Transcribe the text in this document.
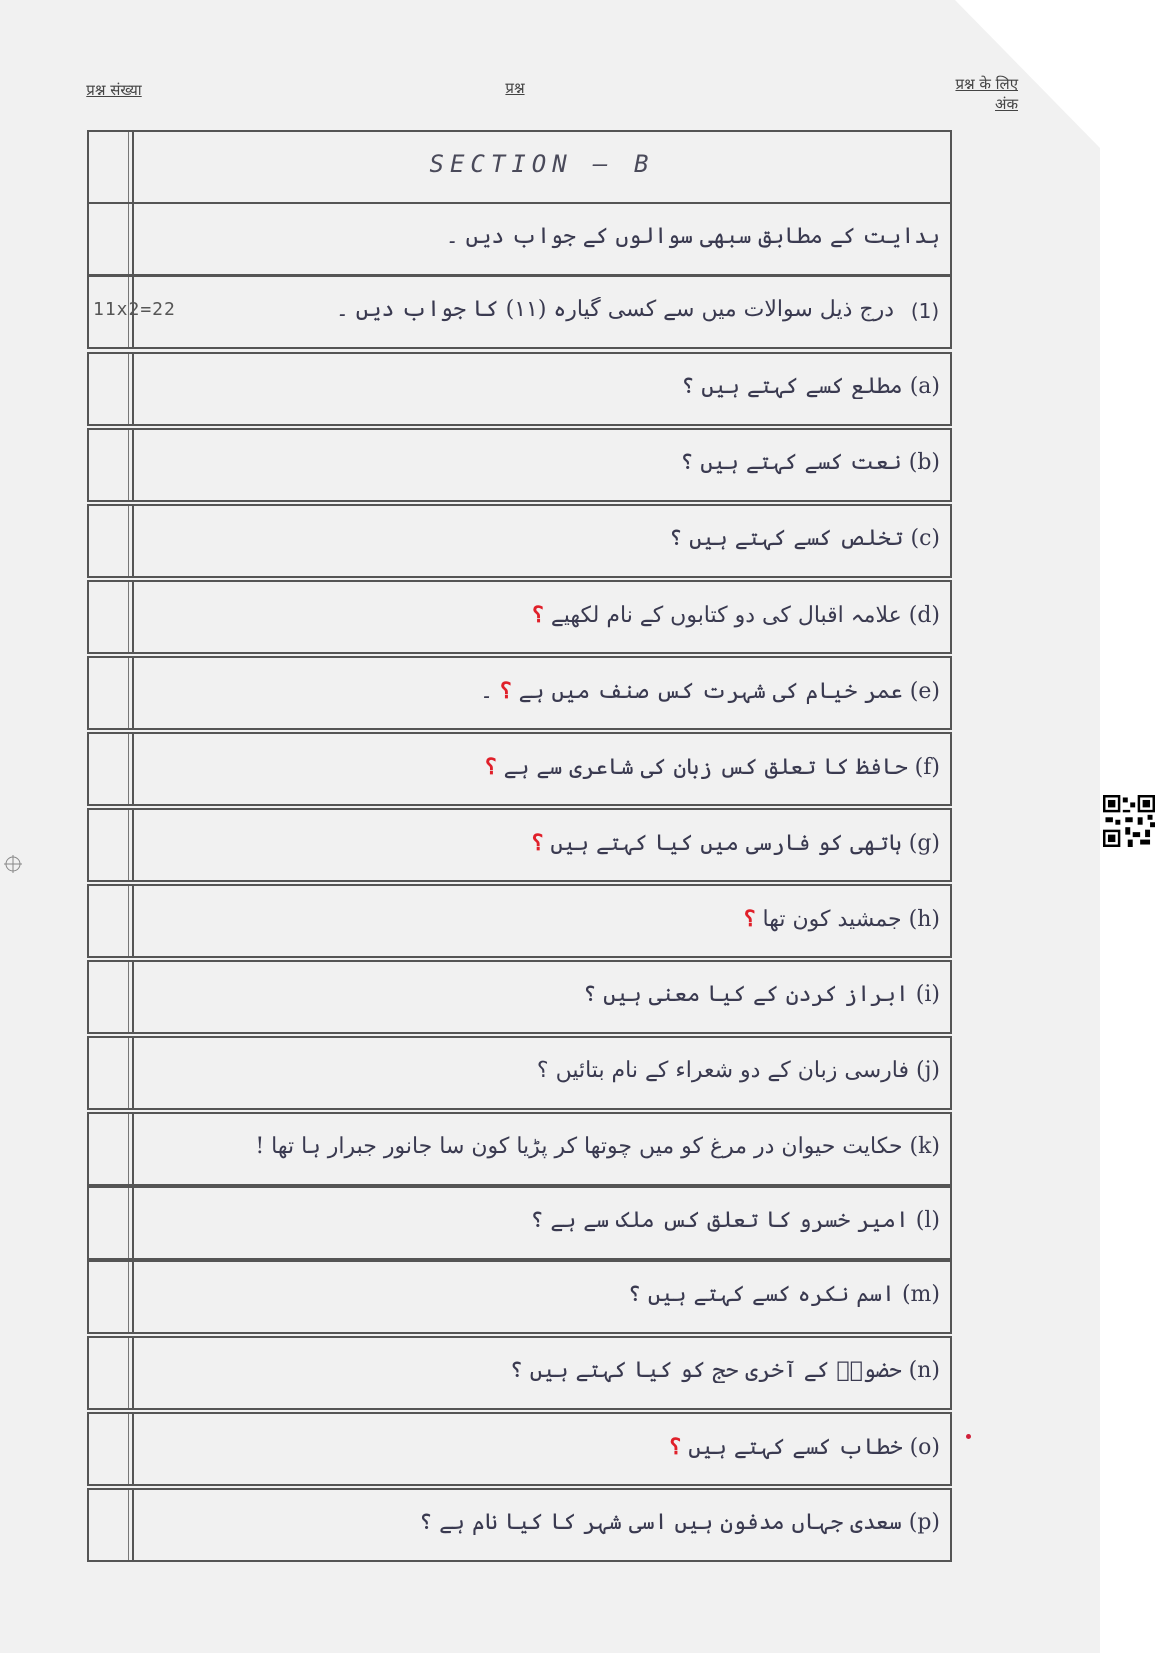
प्रश्न संख्या	प्रश्न	प्रश्न के लिए अंक
SECTION — B
ہدایت کے مطابق سبھی سوالوں کے جواب دیں ۔
11x2=22	درج ذیل سوالات میں سے کسی گیارہ (۱۱) کا جواب دیں ۔ (1)
(a) مطلع کسے کہتے ہیں ؟
(b) نعت کسے کہتے ہیں ؟
(c) تخلص کسے کہتے ہیں ؟
(d) علامہ اقبال کی دو کتابوں کے نام لکھیے ؟
(e) عمر خیام کی شہرت کس صنف میں ہے ؟ ۔
(f) حافظ کا تعلق کس زبان کی شاعری سے ہے ؟
(g) ہاتھی کو فارسی میں کیا کہتے ہیں ؟
(h) جمشید کون تھا ؟
(i) ابراز کردن کے کیا معنی ہیں ؟
(j) فارسی زبان کے دو شعراء کے نام بتائیں ؟
(k) حکایت حیوان در مرغ کو میں چوتھا کر پڑیا کون سا جانور جبرار ہا تھا !
(l) امیر خسرو کا تعلق کس ملک سے ہے ؟
(m) اسم نکرہ کسے کہتے ہیں ؟
(n) حضورؐ کے آخری حج کو کیا کہتے ہیں ؟
(o) خطاب کسے کہتے ہیں ؟
(p) سعدی جہاں مدفون ہیں اسی شہر کا کیا نام ہے ؟
